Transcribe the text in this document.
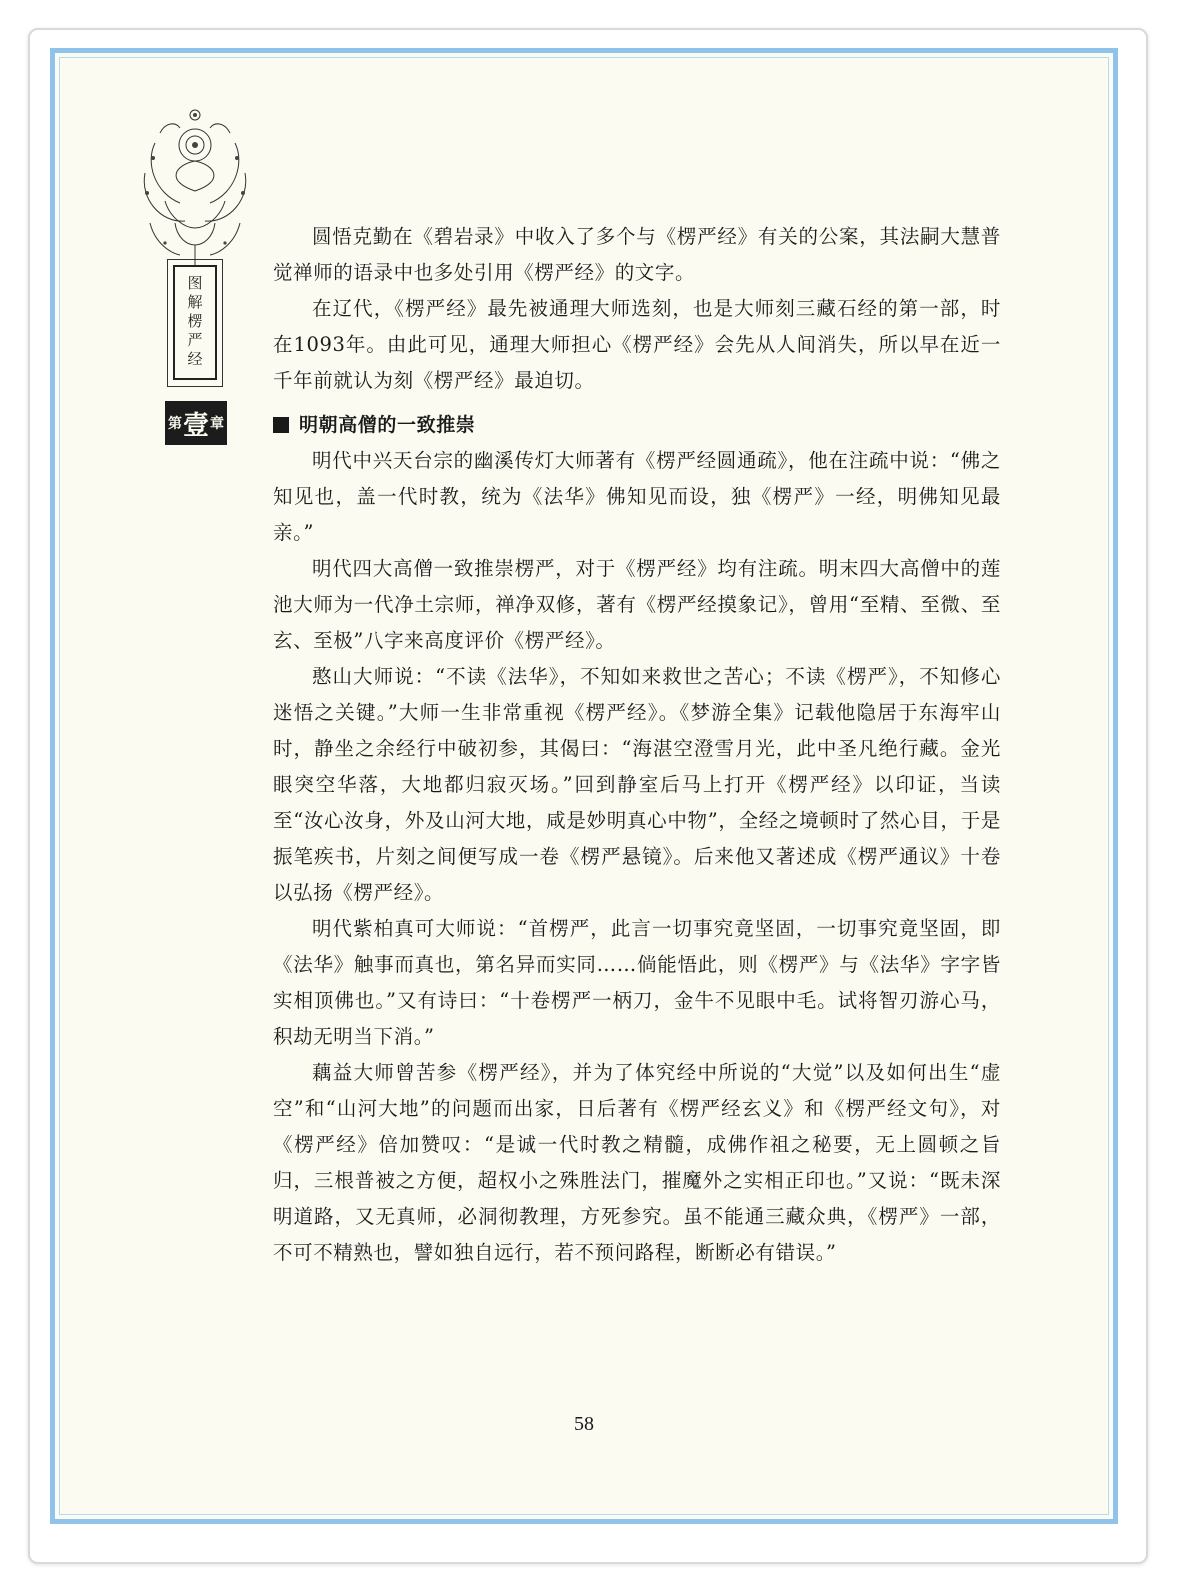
图解楞严经
第 壹 章

圆悟克勤在《碧岩录》中收入了多个与《楞严经》有关的公案，其法嗣大慧普觉禅师的语录中也多处引用《楞严经》的文字。

在辽代，《楞严经》最先被通理大师选刻，也是大师刻三藏石经的第一部，时在1093年。由此可见，通理大师担心《楞严经》会先从人间消失，所以早在近一千年前就认为刻《楞严经》最迫切。

明朝高僧的一致推崇

明代中兴天台宗的幽溪传灯大师著有《楞严经圆通疏》，他在注疏中说：“佛之知见也，盖一代时教，统为《法华》佛知见而设，独《楞严》一经，明佛知见最亲。”

明代四大高僧一致推崇楞严，对于《楞严经》均有注疏。明末四大高僧中的莲池大师为一代净土宗师，禅净双修，著有《楞严经摸象记》，曾用“至精、至微、至玄、至极”八字来高度评价《楞严经》。

憨山大师说：“不读《法华》，不知如来救世之苦心；不读《楞严》，不知修心迷悟之关键。”大师一生非常重视《楞严经》。《梦游全集》记载他隐居于东海牢山时，静坐之余经行中破初参，其偈曰：“海湛空澄雪月光，此中圣凡绝行藏。金光眼突空华落，大地都归寂灭场。”回到静室后马上打开《楞严经》以印证，当读至“汝心汝身，外及山河大地，咸是妙明真心中物”，全经之境顿时了然心目，于是振笔疾书，片刻之间便写成一卷《楞严悬镜》。后来他又著述成《楞严通议》十卷以弘扬《楞严经》。

明代紫柏真可大师说：“首楞严，此言一切事究竟坚固，一切事究竟坚固，即《法华》触事而真也，第名异而实同……倘能悟此，则《楞严》与《法华》字字皆实相顶佛也。”又有诗曰：“十卷楞严一柄刀，金牛不见眼中毛。试将智刃游心马，积劫无明当下消。”

藕益大师曾苦参《楞严经》，并为了体究经中所说的“大觉”以及如何出生“虚空”和“山河大地”的问题而出家，日后著有《楞严经玄义》和《楞严经文句》，对《楞严经》倍加赞叹：“是诚一代时教之精髓，成佛作祖之秘要，无上圆顿之旨归，三根普被之方便，超权小之殊胜法门，摧魔外之实相正印也。”又说：“既未深明道路，又无真师，必洞彻教理，方死参究。虽不能通三藏众典，《楞严》一部，不可不精熟也，譬如独自远行，若不预问路程，断断必有错误。”

58
